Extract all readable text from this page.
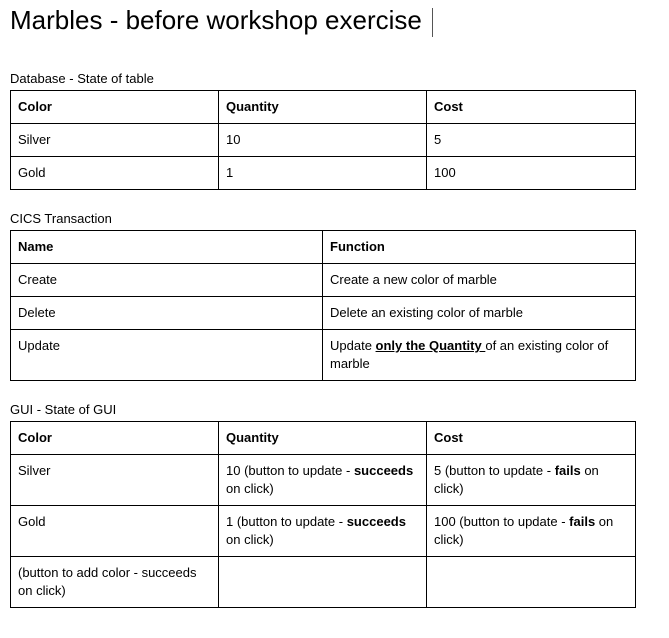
Marbles - before workshop exercise
Database - State of table
Color	Quantity	Cost
Silver	10	5
Gold	1	100
CICS Transaction
Name	Function
Create	Create a new color of marble
Delete	Delete an existing color of marble
Update	Update only the Quantity of an existing color of marble
GUI - State of GUI
Color	Quantity	Cost
Silver	10 (button to update - succeeds on click)	5 (button to update - fails on click)
Gold	1 (button to update - succeeds on click)	100 (button to update - fails on click)
(button to add color - succeeds on click)		
